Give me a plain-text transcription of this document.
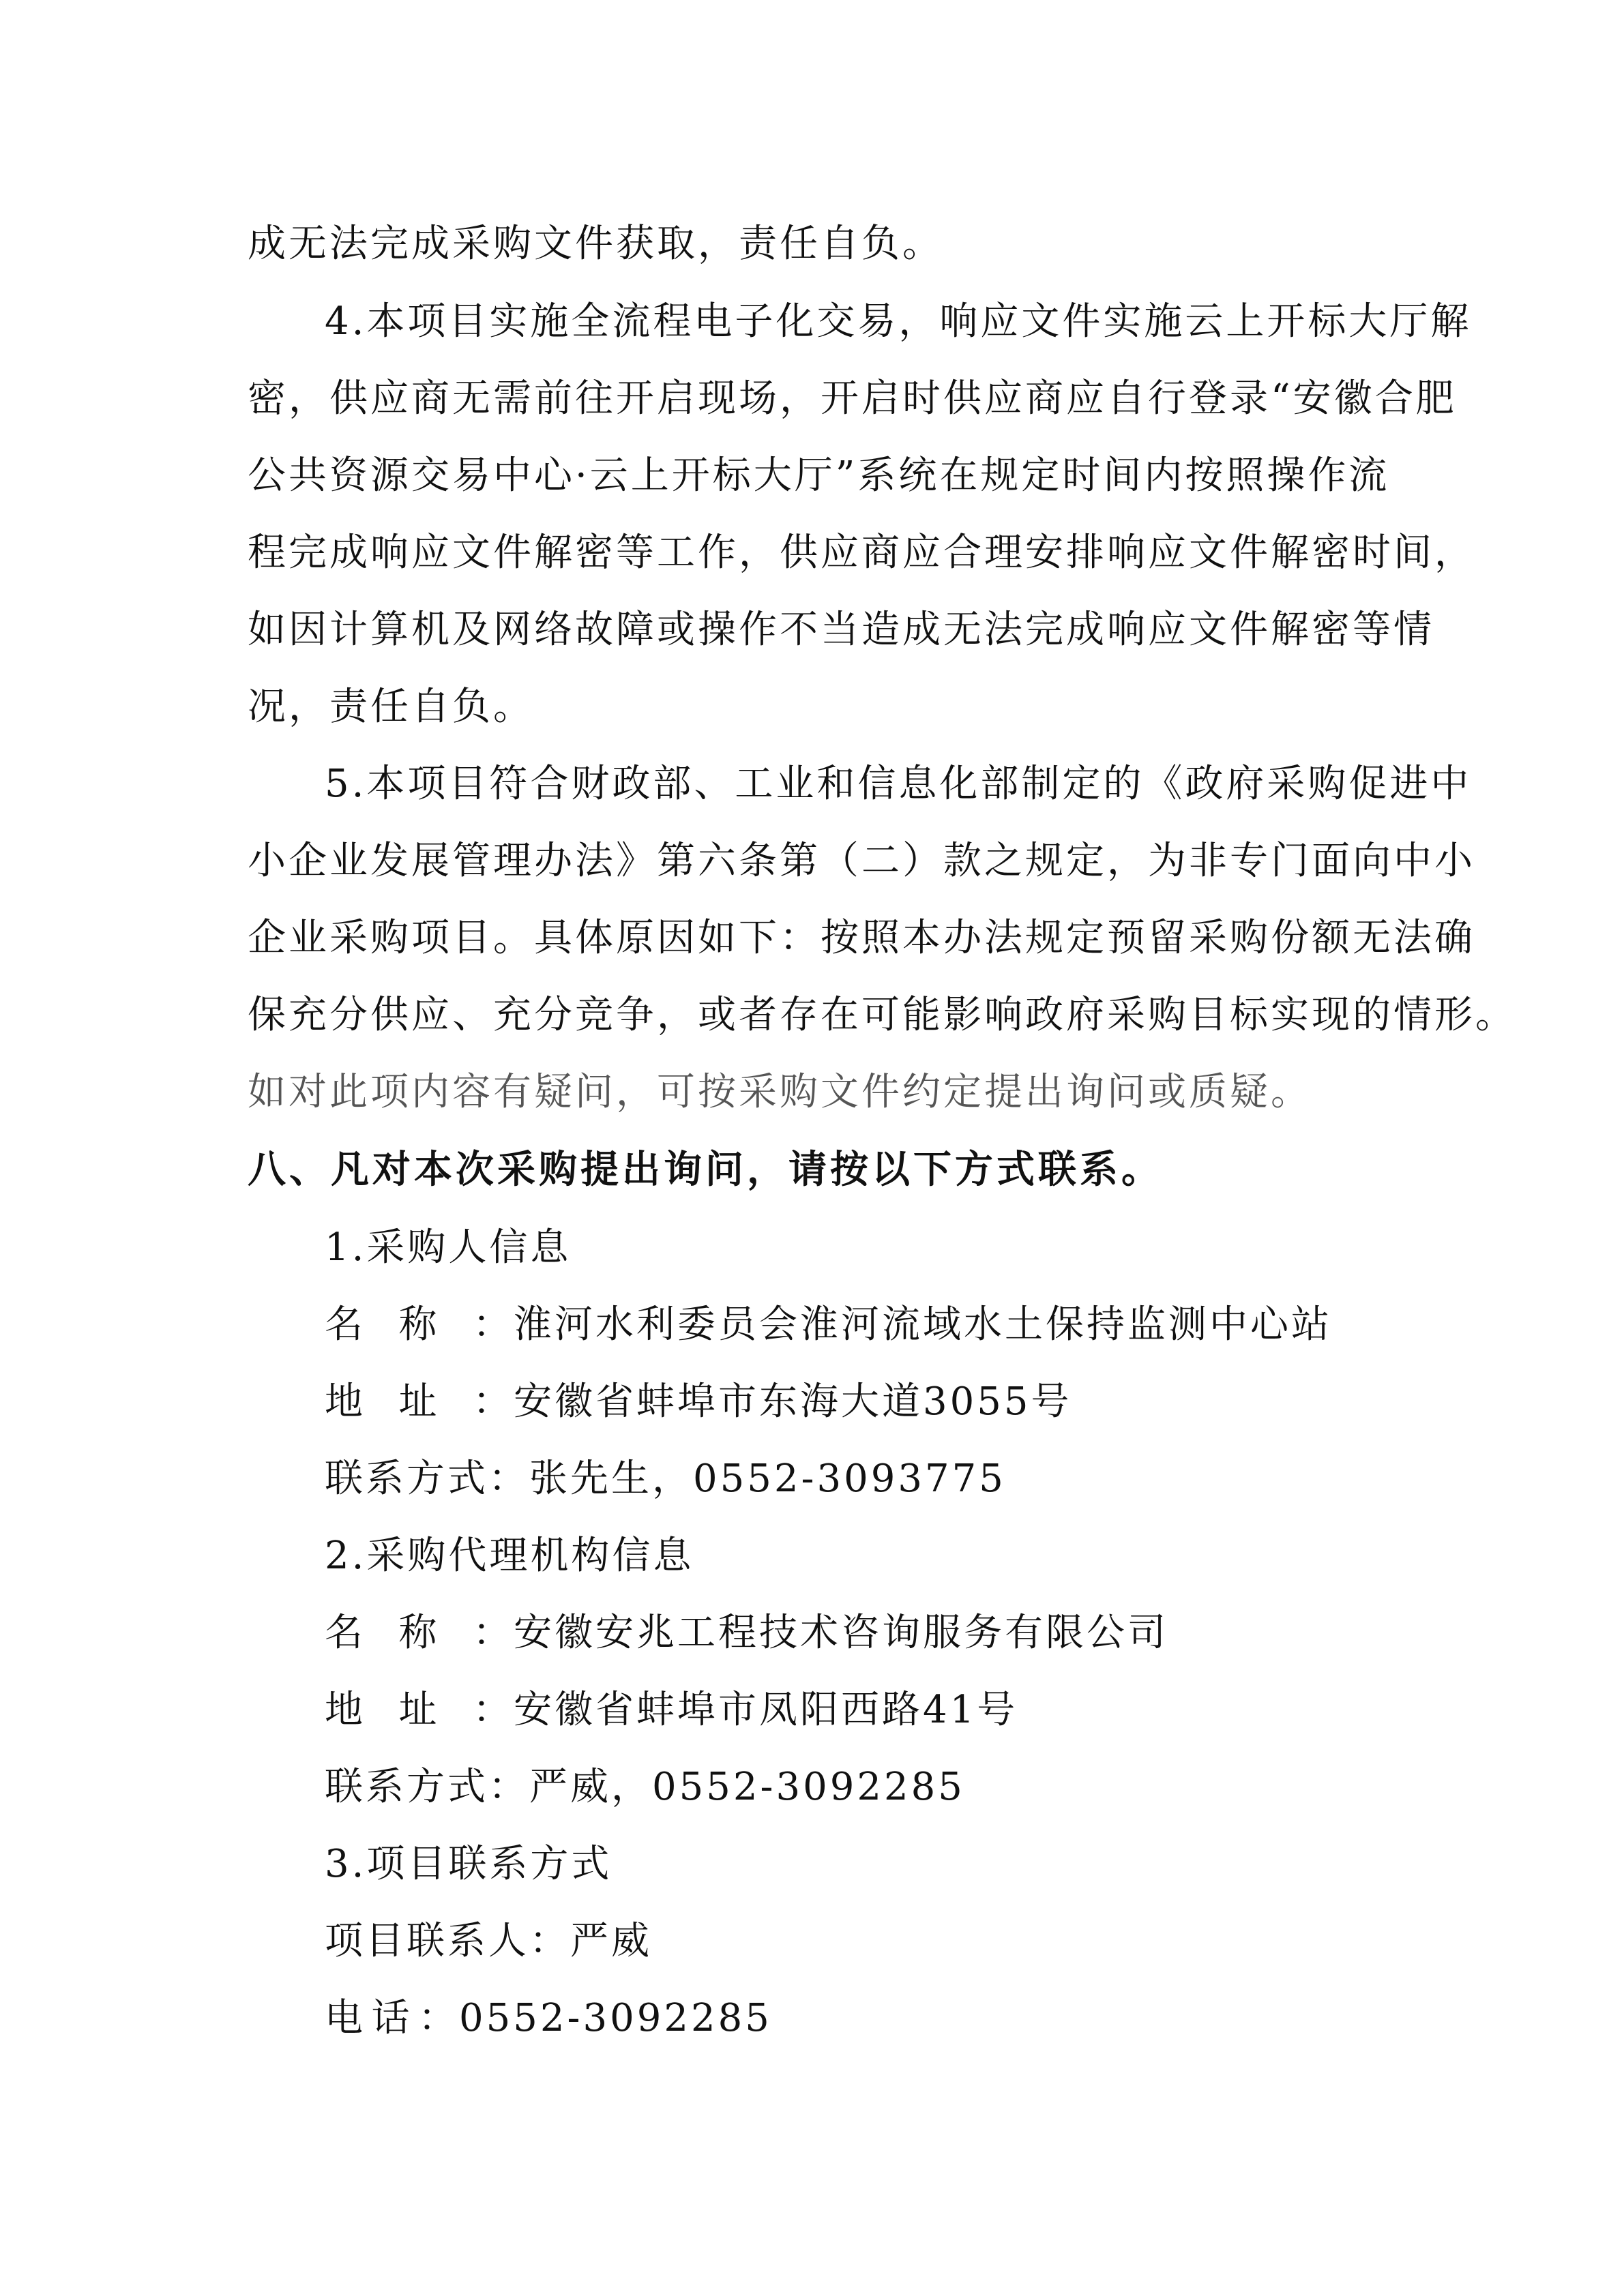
成无法完成采购文件获取，责任自负。

4.本项目实施全流程电子化交易，响应文件实施云上开标大厅解

密，供应商无需前往开启现场，开启时供应商应自行登录“安徽合肥

公共资源交易中心·云上开标大厅”系统在规定时间内按照操作流

程完成响应文件解密等工作，供应商应合理安排响应文件解密时间，

如因计算机及网络故障或操作不当造成无法完成响应文件解密等情

况，责任自负。

5.本项目符合财政部、工业和信息化部制定的《政府采购促进中

小企业发展管理办法》第六条第（二）款之规定，为非专门面向中小

企业采购项目。具体原因如下：按照本办法规定预留采购份额无法确

保充分供应、充分竞争，或者存在可能影响政府采购目标实现的情形。

如对此项内容有疑问，可按采购文件约定提出询问或质疑。

八、凡对本次采购提出询问，请按以下方式联系。

1.采购人信息

名称： 淮河水利委员会淮河流域水土保持监测中心站
地址： 安徽省蚌埠市东海大道3055号
联系方式： 张先生，0552-3093775

2.采购代理机构信息

名称： 安徽安兆工程技术咨询服务有限公司
地址： 安徽省蚌埠市凤阳西路41号
联系方式： 严威，0552-3092285

3.项目联系方式

项目联系人： 严威
电话： 0552-3092285
